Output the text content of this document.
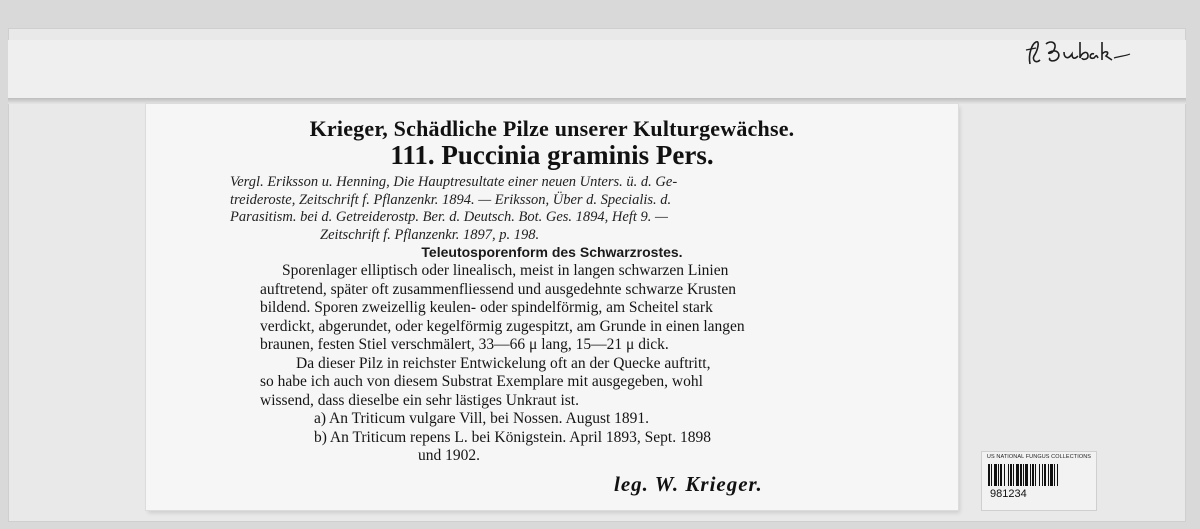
Krieger, Schädliche Pilze unserer Kulturgewächse.

111. Puccinia graminis Pers.

Vergl. Eriksson u. Henning, Die Hauptresultate einer neuen Unters. ü. d. Ge-
treideroste, Zeitschrift f. Pflanzenkr. 1894. — Eriksson, Über d. Specialis. d.
Parasitism. bei d. Getreiderostp. Ber. d. Deutsch. Bot. Ges. 1894, Heft 9. —
Zeitschrift f. Pflanzenkr. 1897, p. 198.

Teleutosporenform des Schwarzrostes.

Sporenlager elliptisch oder linealisch, meist in langen schwarzen Linien
auftretend, später oft zusammenfliessend und ausgedehnte schwarze Krusten
bildend. Sporen zweizellig keulen- oder spindelförmig, am Scheitel stark
verdickt, abgerundet, oder kegelförmig zugespitzt, am Grunde in einen langen
braunen, festen Stiel verschmälert, 33—66 μ lang, 15—21 μ dick.
Da dieser Pilz in reichster Entwickelung oft an der Quecke auftritt,
so habe ich auch von diesem Substrat Exemplare mit ausgegeben, wohl
wissend, dass dieselbe ein sehr lästiges Unkraut ist.
a) An Triticum vulgare Vill, bei Nossen. August 1891.
b) An Triticum repens L. bei Königstein. April 1893, Sept. 1898
und 1902.

leg. W. Krieger.

US NATIONAL FUNGUS COLLECTIONS
981234
